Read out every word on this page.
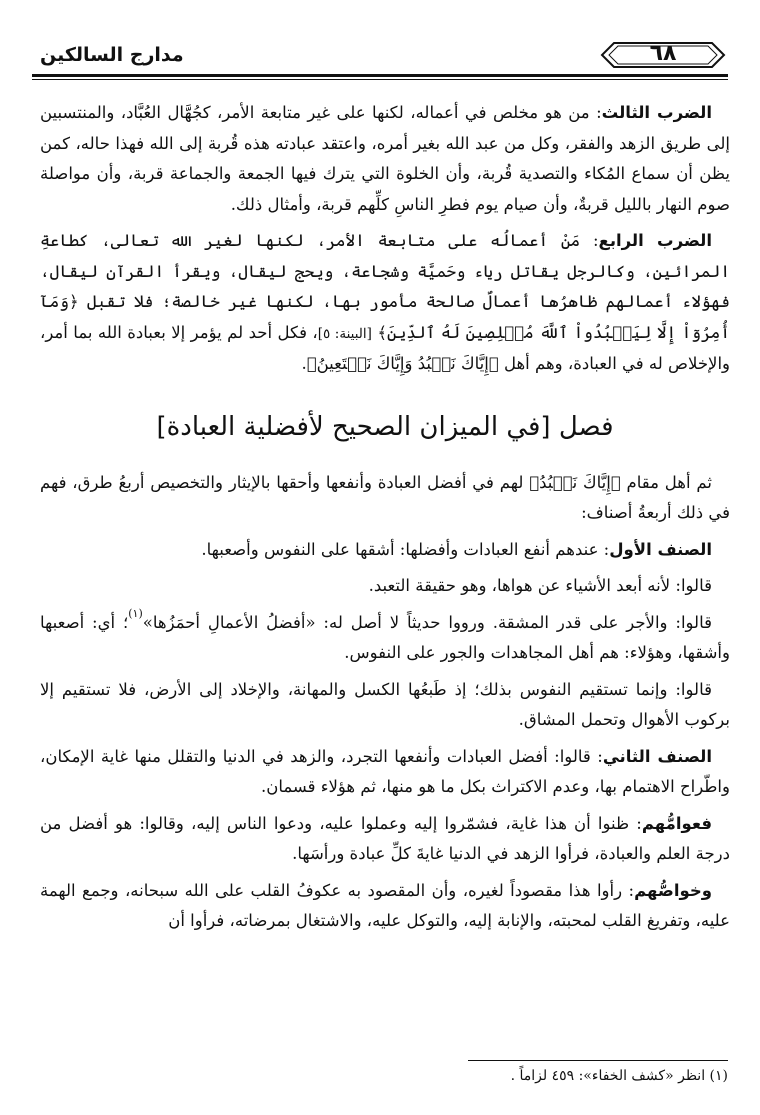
٦٨
مدارج السالكين

الضرب الثالث: من هو مخلص في أعماله، لكنها على غير متابعة الأمر، كجُهَّال العُبَّاد، والمنتسبين إلى طريق الزهد والفقر، وكل من عبد الله بغير أمره، واعتقد عبادته هذه قُربة إلى الله فهذا حاله، كمن يظن أن سماع المُكاء والتصدية قُربة، وأن الخلوة التي يترك فيها الجمعة والجماعة قربة، وأن مواصلة صوم النهار بالليل قربةٌ، وأن صيام يوم فطرِ الناسِ كلِّهم قربة، وأمثال ذلك.

الضرب الرابع: مَنْ أعمالُه على متابعة الأمر، لكنها لغير الله تعالى، كطاعةِ المرائين، وكالرجل يقاتل رياء وحَميَّة وشجاعة، ويحج ليقال، ويقرأ القرآن ليقال، فهؤلاء أعمالهم ظاهرُها أعمالٌ صالحة مأمور بها، لكنها غير خالصة؛ فلا تقبل ﴿وَمَآ أُمِرُوٓاْ إِلَّا لِيَعۡبُدُواْ ٱللَّهَ مُخۡلِصِينَ لَهُ ٱلدِّينَ﴾ [البينة: ٥]، فكل أحد لم يؤمر إلا بعبادة الله بما أمر، والإخلاص له في العبادة، وهم أهل ﴿إِيَّاكَ نَعۡبُدُ وَإِيَّاكَ نَسۡتَعِينُ﴾.

فصل [في الميزان الصحيح لأفضلية العبادة]

ثم أهل مقام ﴿إِيَّاكَ نَعۡبُدُ﴾ لهم في أفضل العبادة وأنفعها وأحقها بالإيثار والتخصيص أربعُ طرق، فهم في ذلك أربعةُ أصناف:

الصنف الأول: عندهم أنفع العبادات وأفضلها: أشقها على النفوس وأصعبها.

قالوا: لأنه أبعد الأشياء عن هواها، وهو حقيقة التعبد.

قالوا: والأجر على قدر المشقة. ورووا حديثاً لا أصل له: «أفضلُ الأعمالِ أحمَزُها»$^{(١)}$؛ أي: أصعبها وأشقها، وهؤلاء: هم أهل المجاهدات والجور على النفوس.

قالوا: وإنما تستقيم النفوس بذلك؛ إذ طَبعُها الكسل والمهانة، والإخلاد إلى الأرض، فلا تستقيم إلا بركوب الأهوال وتحمل المشاق.

الصنف الثاني: قالوا: أفضل العبادات وأنفعها التجرد، والزهد في الدنيا والتقلل منها غاية الإمكان، واطّراح الاهتمام بها، وعدم الاكتراث بكل ما هو منها، ثم هؤلاء قسمان.

فعوامُّهم: ظنوا أن هذا غاية، فشمّروا إليه وعملوا عليه، ودعوا الناس إليه، وقالوا: هو أفضل من درجة العلم والعبادة، فرأوا الزهد في الدنيا غايةَ كلِّ عبادة ورأسَها.

وخواصُّهم: رأوا هذا مقصوداً لغيره، وأن المقصود به عكوفُ القلب على الله سبحانه، وجمع الهمة عليه، وتفريغ القلب لمحبته، والإنابة إليه، والتوكل عليه، والاشتغال بمرضاته، فرأوا أن

(١) انظر «كشف الخفاء»: ٤٥٩ لزاماً .
